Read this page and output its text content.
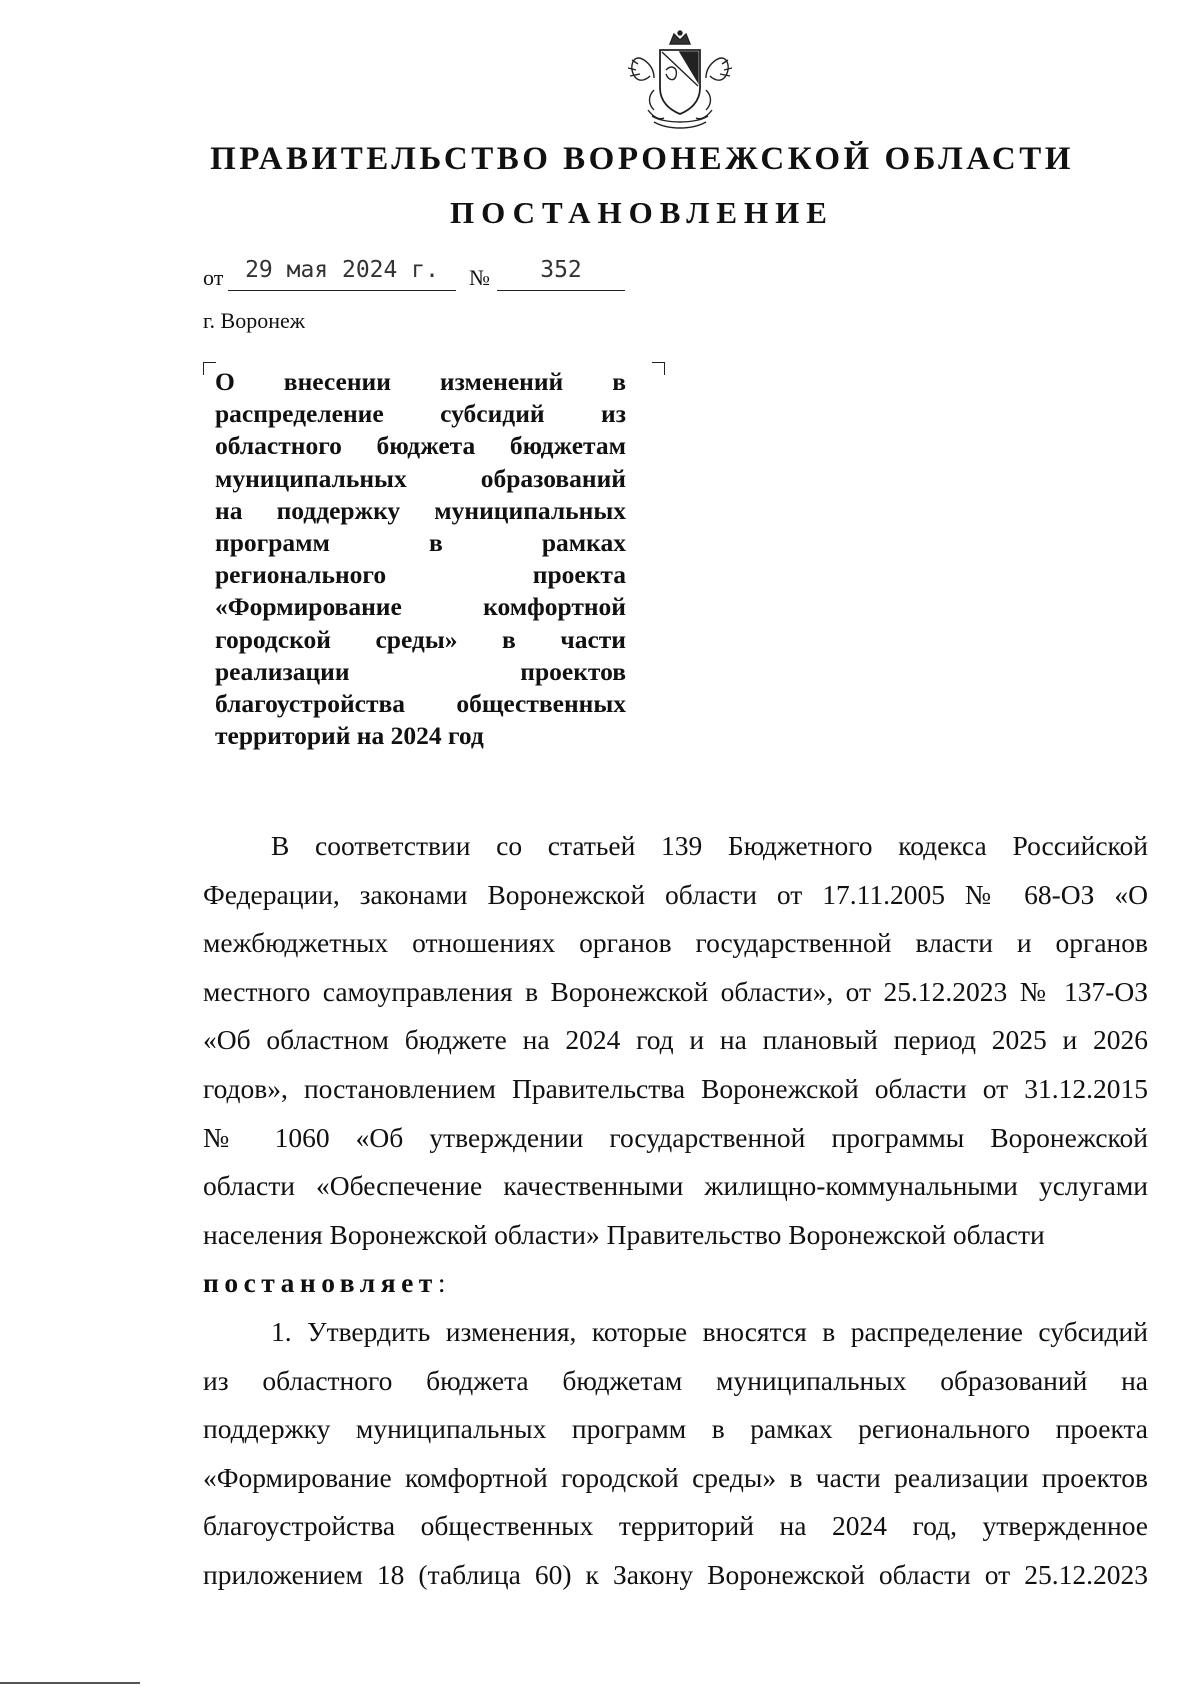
ПРАВИТЕЛЬСТВО ВОРОНЕЖСКОЙ ОБЛАСТИ
ПОСТАНОВЛЕНИЕ
от 29 мая 2024 г.	№	352
г. Воронеж
О внесении изменений в
распределение субсидий из
областного бюджета бюджетам
муниципальных образований
на поддержку муниципальных
программ в рамках
регионального проекта
«Формирование комфортной
городской среды» в части
реализации проектов
благоустройства общественных
территорий на 2024 год
В соответствии со статьей 139 Бюджетного кодекса Российской
Федерации, законами Воронежской области от 17.11.2005 № 68-ОЗ «О
межбюджетных отношениях органов государственной власти и органов
местного самоуправления в Воронежской области», от 25.12.2023 № 137-ОЗ
«Об областном бюджете на 2024 год и на плановый период 2025 и 2026
годов», постановлением Правительства Воронежской области от 31.12.2015
№ 1060 «Об утверждении государственной программы Воронежской
области «Обеспечение качественными жилищно-коммунальными услугами
населения Воронежской области» Правительство Воронежской области
постановляет:
1. Утвердить изменения, которые вносятся в распределение субсидий
из областного бюджета бюджетам муниципальных образований на
поддержку муниципальных программ в рамках регионального проекта
«Формирование комфортной городской среды» в части реализации проектов
благоустройства общественных территорий на 2024 год, утвержденное
приложением 18 (таблица 60) к Закону Воронежской области от 25.12.2023
